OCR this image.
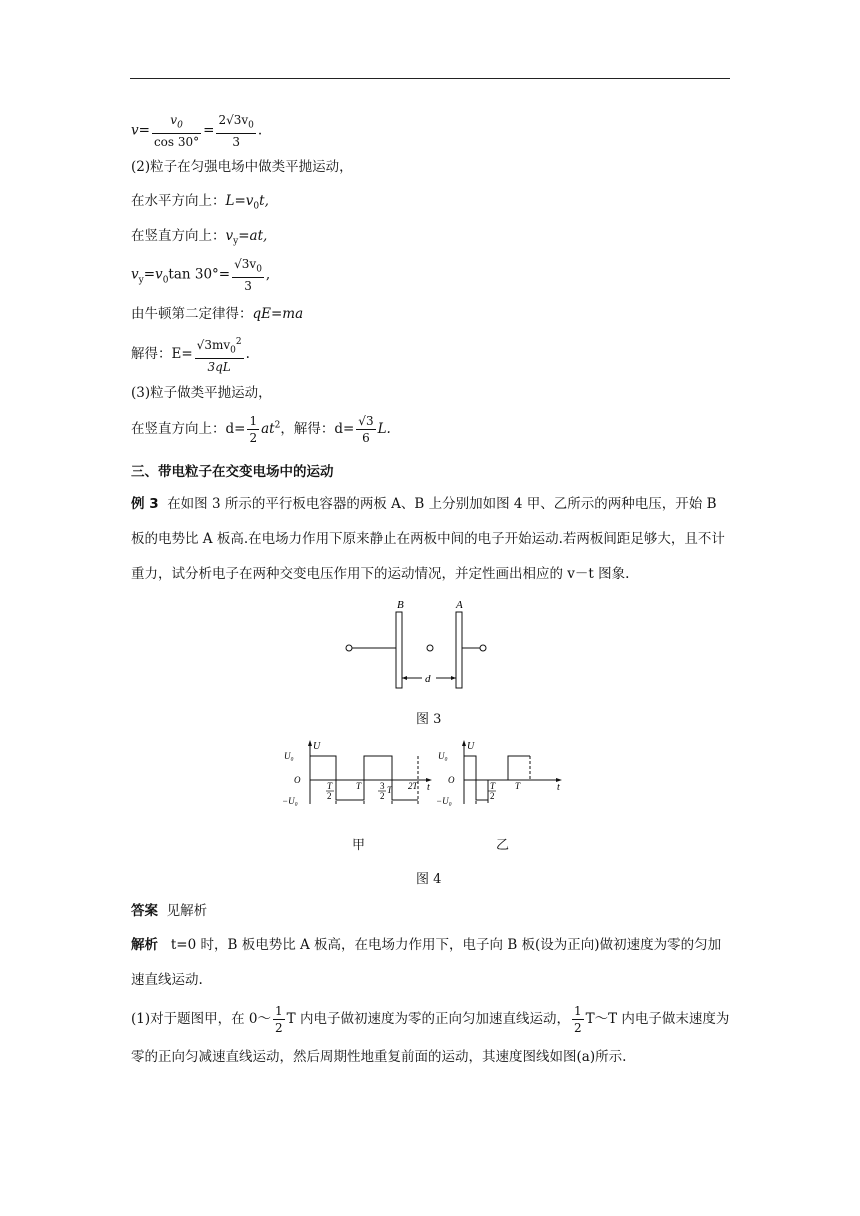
$v= \frac{v_0}{\cos 30^\circ} = \frac{2√3v_0}{3}$ .
(2)粒子在匀强电场中做类平抛运动，
在水平方向上：$L=v_0t$,
在竖直方向上：$v_y=at$,
$v_y=v_0\tan$ $30^\circ= \frac{√3v_0}{3}$ ,
由牛顿第二定律得：qE=ma
解得：$E= \frac{√3mv_0^2}{3qL}$ .
(3)粒子做类平抛运动，
在竖直方向上：$d= \frac{1}{2} at^2$，解得：$d= \frac{√3}{6} L$.
三、带电粒子在交变电场中的运动
例 3 在如图 3 所示的平行板电容器的两板 A、B 上分别加如图 4 甲、乙所示的两种电压，开始 B 板的电势比 A 板高.在电场力作用下原来静止在两板中间的电子开始运动.若两板间距足够大，且不计重力，试分析电子在两种交变电压作用下的运动情况，并定性画出相应的 v－t 图象.
B	A
d
图 3
U
U₀
O
−U₀
t
T
2
T 3
2
T 2T
U
U₀
O
−U₀
t
T
2
T
甲	乙
图 4
答案 见解析
解析 t=0 时，B 板电势比 A 板高，在电场力作用下，电子向 B 板(设为正向)做初速度为零的匀加速直线运动.
(1)对于题图甲，在 0～ $\frac{1}{2}$ T 内电子做初速度为零的正向匀加速直线运动， $\frac{1}{2}$ T～T 内电子做末速度为零的正向匀减速直线运动，然后周期性地重复前面的运动，其速度图线如图(a)所示.
